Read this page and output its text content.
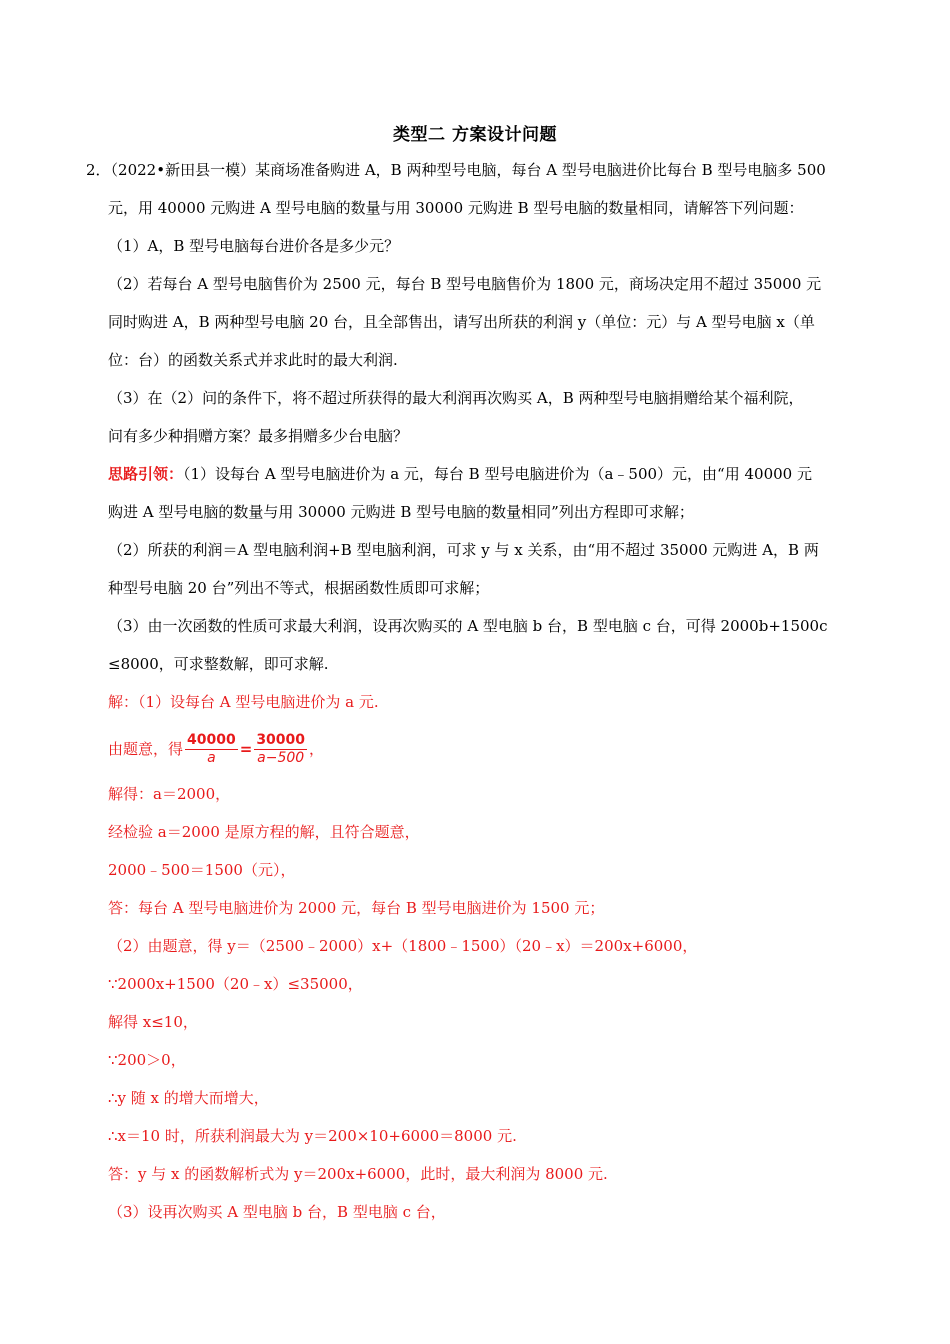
类型二 方案设计问题
2．（2022•新田县一模）某商场准备购进 A，B 两种型号电脑，每台 A 型号电脑进价比每台 B 型号电脑多 500
元，用 40000 元购进 A 型号电脑的数量与用 30000 元购进 B 型号电脑的数量相同，请解答下列问题：
（1）A，B 型号电脑每台进价各是多少元？
（2）若每台 A 型号电脑售价为 2500 元，每台 B 型号电脑售价为 1800 元，商场决定用不超过 35000 元
同时购进 A，B 两种型号电脑 20 台，且全部售出，请写出所获的利润 y（单位：元）与 A 型号电脑 x（单
位：台）的函数关系式并求此时的最大利润.
（3）在（2）问的条件下，将不超过所获得的最大利润再次购买 A，B 两种型号电脑捐赠给某个福利院，
问有多少种捐赠方案？最多捐赠多少台电脑？
思路引领：（1）设每台 A 型号电脑进价为 a 元，每台 B 型号电脑进价为（a﹣500）元，由“用 40000 元
购进 A 型号电脑的数量与用 30000 元购进 B 型号电脑的数量相同”列出方程即可求解；
（2）所获的利润＝A 型电脑利润+B 型电脑利润，可求 y 与 x 关系，由“用不超过 35000 元购进 A，B 两
种型号电脑 20 台”列出不等式，根据函数性质即可求解；
（3）由一次函数的性质可求最大利润，设再次购买的 A 型电脑 b 台，B 型电脑 c 台，可得 2000b+1500c
≤8000，可求整数解，即可求解.
解：（1）设每台 A 型号电脑进价为 a 元.
由题意，得 $\frac{40000}{a} = \frac{30000}{a-500}$ ，
解得：a＝2000，
经检验 a＝2000 是原方程的解，且符合题意，
2000﹣500＝1500（元），
答：每台 A 型号电脑进价为 2000 元，每台 B 型号电脑进价为 1500 元；
（2）由题意，得 y＝（2500﹣2000）x+（1800﹣1500）（20﹣x）＝200x+6000，
∵2000x+1500（20﹣x）≤35000，
解得 x≤10，
∵200＞0，
∴y 随 x 的增大而增大，
∴x＝10 时，所获利润最大为 y＝200×10+6000＝8000 元.
答：y 与 x 的函数解析式为 y＝200x+6000，此时，最大利润为 8000 元.
（3）设再次购买 A 型电脑 b 台，B 型电脑 c 台，
